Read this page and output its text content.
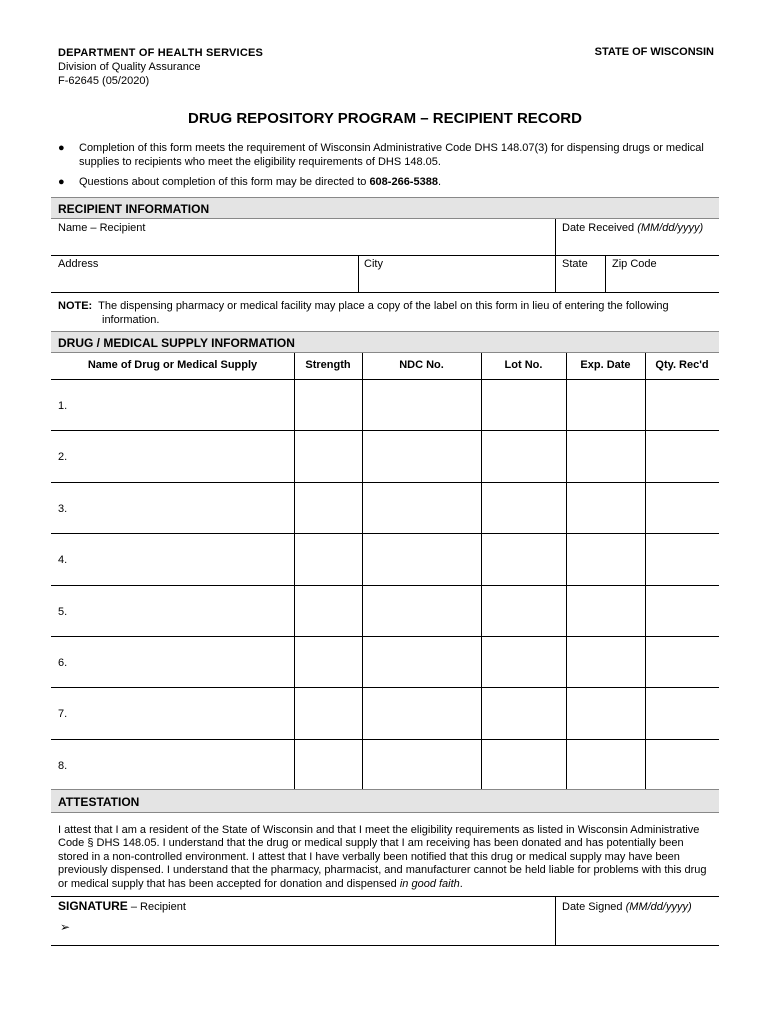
DEPARTMENT OF HEALTH SERVICES
Division of Quality Assurance
F-62645 (05/2020)
STATE OF WISCONSIN
DRUG REPOSITORY PROGRAM – RECIPIENT RECORD
● Completion of this form meets the requirement of Wisconsin Administrative Code DHS 148.07(3) for dispensing drugs or medical supplies to recipients who meet the eligibility requirements of DHS 148.05.
● Questions about completion of this form may be directed to 608-266-5388.
RECIPIENT INFORMATION
Name – Recipient	Date Received (MM/dd/yyyy)
Address	City	State Zip Code
NOTE: The dispensing pharmacy or medical facility may place a copy of the label on this form in lieu of entering the following
information.
DRUG / MEDICAL SUPPLY INFORMATION
Name of Drug or Medical Supply	Strength	NDC No.	Lot No.	Exp. Date	Qty. Rec'd
1.
2.
3.
4.
5.
6.
7.
8.
ATTESTATION
I attest that I am a resident of the State of Wisconsin and that I meet the eligibility requirements as listed in Wisconsin Administrative Code § DHS 148.05. I understand that the drug or medical supply that I am receiving has been donated and has potentially been stored in a non-controlled environment. I attest that I have verbally been notified that this drug or medical supply may have been previously dispensed. I understand that the pharmacy, pharmacist, and manufacturer cannot be held liable for problems with this drug or medical supply that has been accepted for donation and dispensed in good faith.
SIGNATURE – Recipient
➢
Date Signed (MM/dd/yyyy)
